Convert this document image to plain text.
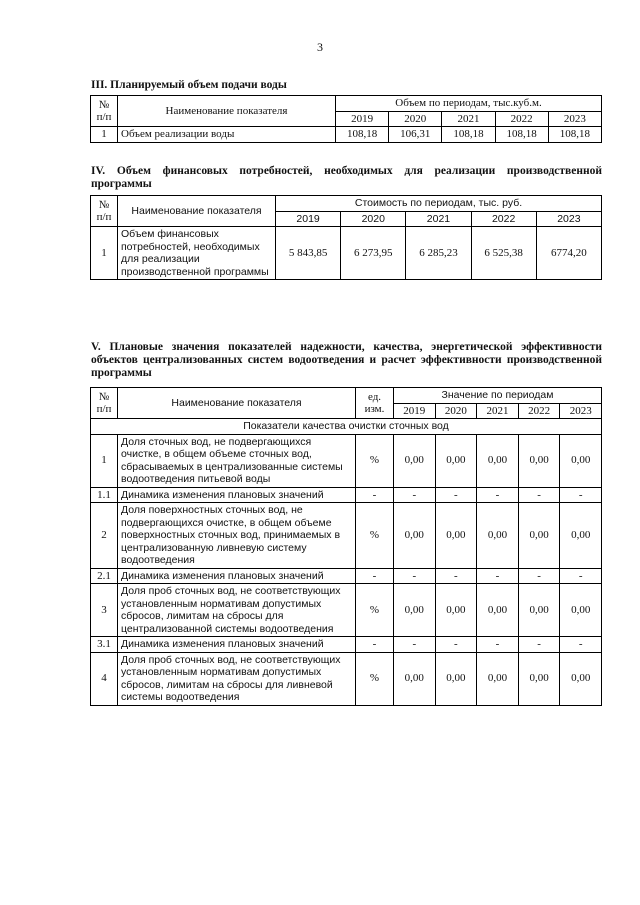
3
III. Планируемый объем подачи воды
№ п/п	Наименование показателя	Объем по периодам, тыс.куб.м.				
		2019	2020	2021	2022	2023
1	Объем реализации воды	108,18	106,31	108,18	108,18	108,18
IV. Объем финансовых потребностей, необходимых для реализации производственной программы
№ п/п	Наименование показателя	Стоимость по периодам, тыс. руб.				
		2019	2020	2021	2022	2023
1	Объем финансовых потребностей, необходимых для реализации производственной программы	5 843,85	6 273,95	6 285,23	6 525,38	6774,20
V. Плановые значения показателей надежности, качества, энергетической эффективности объектов централизованных систем водоотведения и расчет эффективности производственной программы
№ п/п	Наименование показателя	ед. изм.	Значение по периодам				
			2019	2020	2021	2022	2023
Показатели качества очистки сточных вод							
1	Доля сточных вод, не подвергающихся очистке, в общем объеме сточных вод, сбрасываемых в централизованные системы водоотведения питьевой воды	%	0,00	0,00	0,00	0,00	0,00
1.1	Динамика изменения плановых значений	-	-	-	-	-	-
2	Доля поверхностных сточных вод, не подвергающихся очистке, в общем объеме поверхностных сточных вод, принимаемых в централизованную ливневую систему водоотведения	%	0,00	0,00	0,00	0,00	0,00
2.1	Динамика изменения плановых значений	-	-	-	-	-	-
3	Доля проб сточных вод, не соответствующих установленным нормативам допустимых сбросов, лимитам на сбросы для централизованной системы водоотведения	%	0,00	0,00	0,00	0,00	0,00
3.1	Динамика изменения плановых значений	-	-	-	-	-	-
4	Доля проб сточных вод, не соответствующих установленным нормативам допустимых сбросов, лимитам на сбросы для ливневой системы водоотведения	%	0,00	0,00	0,00	0,00	0,00
